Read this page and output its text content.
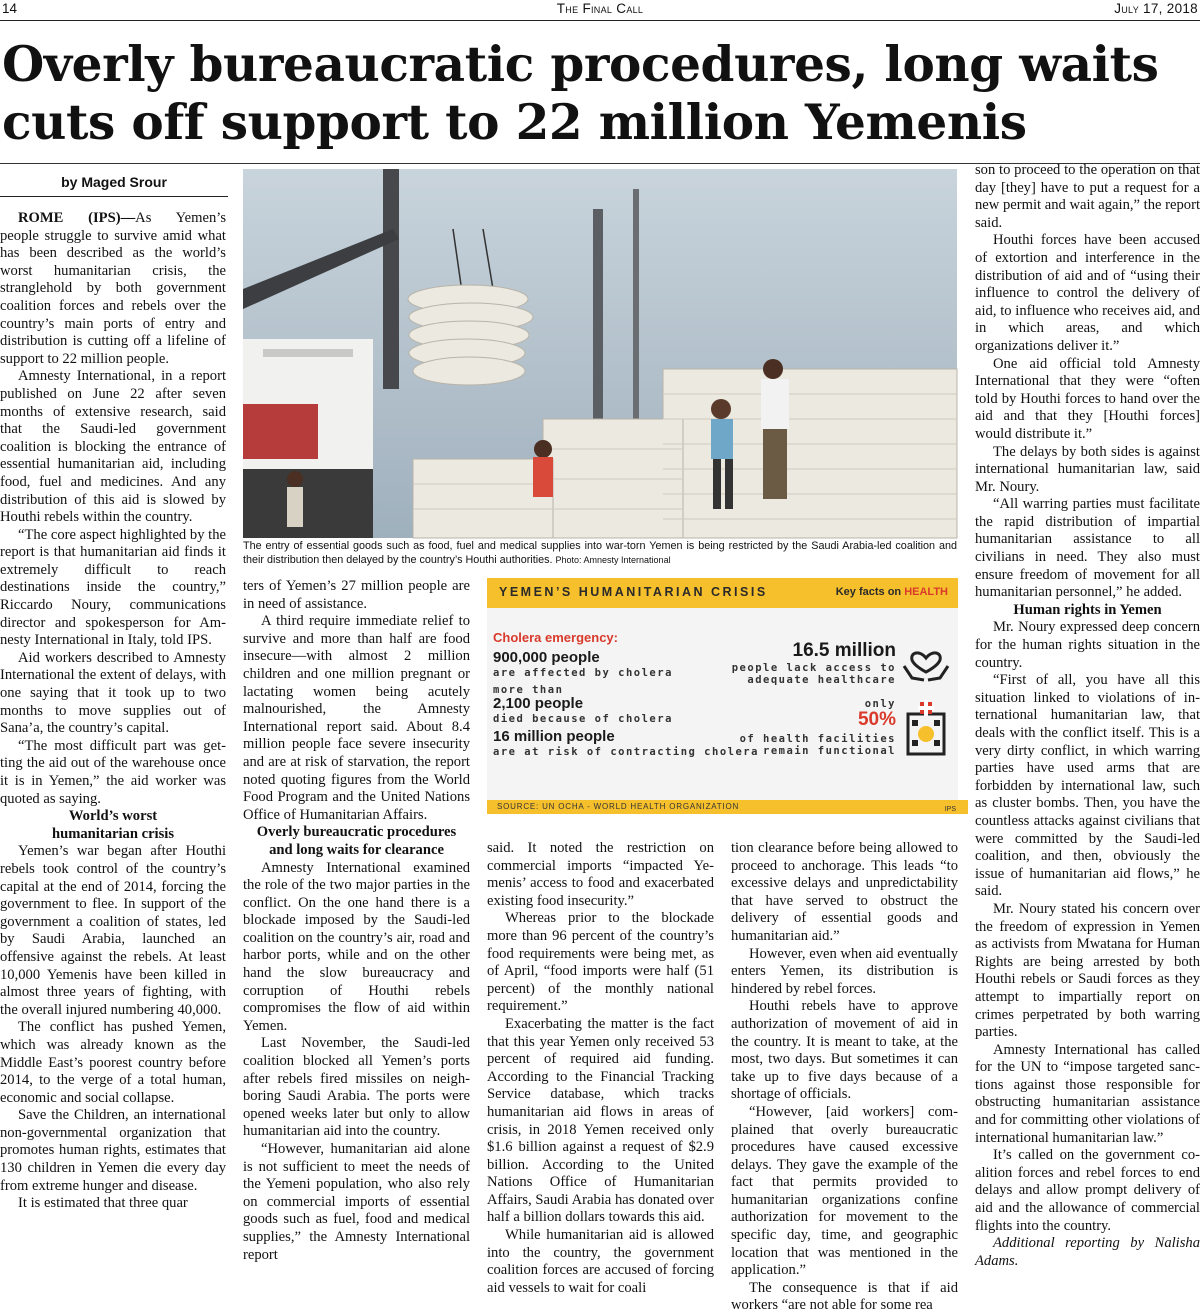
14	The Final Call	July 17, 2018
Overly bureaucratic procedures, long waits
cuts off support to 22 million Yemenis
by Maged Srour

ROME (IPS)—As Yemen’s people struggle to survive amid what has been described as the world’s worst humanitarian crisis, the stranglehold by both government coalition forces and rebels over the country’s main ports of entry and distribution is cutting off a lifeline of support to 22 million people.

Amnesty International, in a report published on June 22 after seven months of extensive research, said that the Saudi-led government coalition is blocking the entrance of essential humanitarian aid, including food, fuel and medicines. And any distribution of this aid is slowed by Houthi rebels within the country.

“The core aspect highlighted by the report is that humanitarian aid finds it extremely difficult to reach destinations inside the country,” Riccardo Noury, communications director and spokesperson for Amnesty International in Italy, told IPS.

Aid workers described to Amnesty International the extent of delays, with one saying that it took up to two months to move supplies out of Sana’a, the country’s capital.

“The most difficult part was getting the aid out of the warehouse once it is in Yemen,” the aid worker was quoted as saying.

World’s worst
humanitarian crisis

Yemen’s war began after Houthi rebels took control of the country’s capital at the end of 2014, forcing the government to flee. In support of the government a coalition of states, led by Saudi Arabia, launched an offensive against the rebels. At least 10,000 Yemenis have been killed in almost three years of fighting, with the overall injured numbering 40,000.

The conflict has pushed Yemen, which was already known as the Middle East’s poorest country before 2014, to the verge of a total human, economic and social collapse.

Save the Children, an international non-governmental organization that promotes human rights, estimates that 130 children in Yemen die every day from extreme hunger and disease.

It is estimated that three quar

The entry of essential goods such as food, fuel and medical supplies into war-torn Yemen is being restricted by the Saudi Arabia-led coalition and their distribution then delayed by the country’s Houthi authorities. Photo: Amnesty International

ters of Yemen’s 27 million people are in need of assistance.

A third require immediate relief to survive and more than half are food insecure—with almost 2 million children and one million pregnant or lactating women being acutely malnourished, the Amnesty International report said. About 8.4 million people face severe insecurity and are at risk of starvation, the report noted quoting figures from the World Food Program and the United Nations Office of Humanitarian Affairs.

Overly bureaucratic procedures
and long waits for clearance

Amnesty International examined the role of the two major parties in the conflict. On the one hand there is a blockade imposed by the Saudi-led coalition on the country’s air, road and harbor ports, while and on the other hand the slow bureaucracy and corruption of Houthi rebels compromises the flow of aid within Yemen.

Last November, the Saudi-led coalition blocked all Yemen’s ports after rebels fired missiles on neighboring Saudi Arabia. The ports were opened weeks later but only to allow humanitarian aid into the country.

“However, humanitarian aid alone is not sufficient to meet the needs of the Yemeni population, who also rely on commercial imports of essential goods such as fuel, food and medical supplies,” the Amnesty International report

YEMEN’S HUMANITARIAN CRISIS	Key facts on HEALTH
Cholera emergency:
900,000 people
are affected by cholera
more than
2,100 people
died because of cholera
16 million people
are at risk of contracting cholera
16.5 million
people lack access to
adequate healthcare
only
50%
of health facilities
remain functional
SOURCE: UN OCHA - WORLD HEALTH ORGANIZATION	IPS

said. It noted the restriction on commercial imports “impacted Yemenis’ access to food and exacerbated existing food insecurity.”

Whereas prior to the blockade more than 96 percent of the country’s food requirements were being met, as of April, “food imports were half (51 percent) of the monthly national requirement.”

Exacerbating the matter is the fact that this year Yemen only received 53 percent of required aid funding. According to the Financial Tracking Service database, which tracks humanitarian aid flows in areas of crisis, in 2018 Yemen received only $1.6 billion against a request of $2.9 billion. According to the United Nations Office of Humanitarian Affairs, Saudi Arabia has donated over half a billion dollars towards this aid.

While humanitarian aid is allowed into the country, the government coalition forces are accused of forcing aid vessels to wait for coali

tion clearance before being allowed to proceed to anchorage. This leads “to excessive delays and unpredictability that have served to obstruct the delivery of essential goods and humanitarian aid.”

However, even when aid eventually enters Yemen, its distribution is hindered by rebel forces.

Houthi rebels have to approve authorization of movement of aid in the country. It is meant to take, at the most, two days. But sometimes it can take up to five days because of a shortage of officials.

“However, [aid workers] complained that overly bureaucratic procedures have caused excessive delays. They gave the example of the fact that permits provided to humanitarian organizations confine authorization for movement to the specific day, time, and geographic location that was mentioned in the application.”

The consequence is that if aid workers “are not able for some rea

son to proceed to the operation on that day [they] have to put a request for a new permit and wait again,” the report said.

Houthi forces have been accused of extortion and interference in the distribution of aid and of “using their influence to control the delivery of aid, to influence who receives aid, and in which areas, and which organizations deliver it.”

One aid official told Amnesty International that they were “often told by Houthi forces to hand over the aid and that they [Houthi forces] would distribute it.”

The delays by both sides is against international humanitarian law, said Mr. Noury.

“All warring parties must facilitate the rapid distribution of impartial humanitarian assistance to all civilians in need. They also must ensure freedom of movement for all humanitarian personnel,” he added.

Human rights in Yemen

Mr. Noury expressed deep concern for the human rights situation in the country.

“First of all, you have all this situation linked to violations of international humanitarian law, that deals with the conflict itself. This is a very dirty conflict, in which warring parties have used arms that are forbidden by international law, such as cluster bombs. Then, you have the countless attacks against civilians that were committed by the Saudi-led coalition, and then, obviously the issue of humanitarian aid flows,” he said.

Mr. Noury stated his concern over the freedom of expression in Yemen as activists from Mwatana for Human Rights are being arrested by both Houthi rebels or Saudi forces as they attempt to impartially report on crimes perpetrated by both warring parties.

Amnesty International has called for the UN to “impose targeted sanctions against those responsible for obstructing humanitarian assistance and for committing other violations of international humanitarian law.”

It’s called on the government coalition forces and rebel forces to end delays and allow prompt delivery of aid and the allowance of commercial flights into the country.

Additional reporting by Nalisha Adams.
